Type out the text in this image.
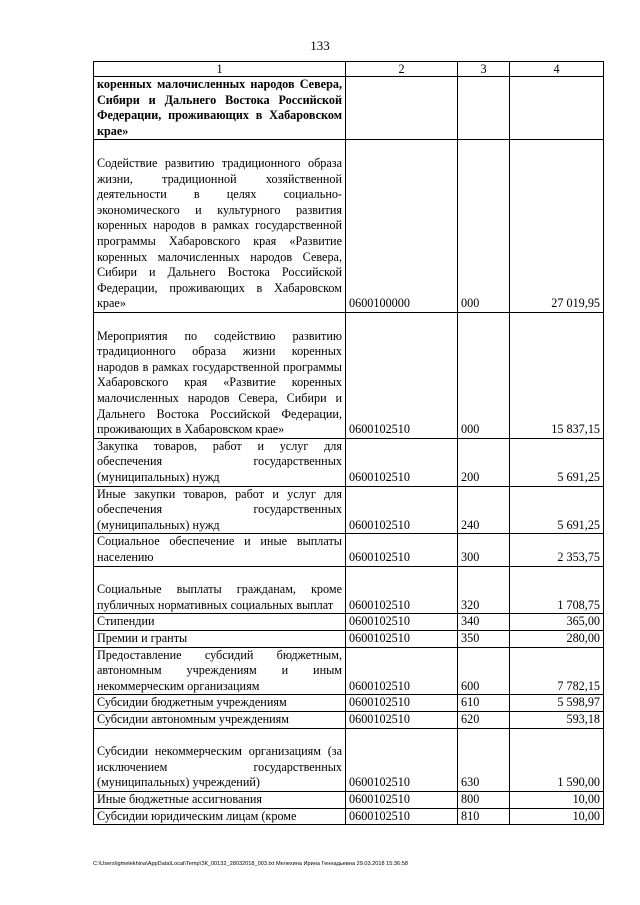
133
1	2	3	4
коренных малочисленных народов Севера, Сибири и Дальнего Востока Российской Федерации, проживающих в Хабаровском крае»			
Содействие развитию традиционного образа жизни, традиционной хозяйственной деятельности в целях социально-экономического и культурного развития коренных народов в рамках государственной программы Хабаровского края «Развитие коренных малочисленных народов Севера, Сибири и Дальнего Востока Российской Федерации, проживающих в Хабаровском крае»	0600100000	000	27 019,95
Мероприятия по содействию развитию традиционного образа жизни коренных народов в рамках государственной программы Хабаровского края «Развитие коренных малочисленных народов Севера, Сибири и Дальнего Востока Российской Федерации, проживающих в Хабаровском крае»	0600102510	000	15 837,15
Закупка товаров, работ и услуг для обеспечения государственных (муниципальных) нужд	0600102510	200	5 691,25
Иные закупки товаров, работ и услуг для обеспечения государственных (муниципальных) нужд	0600102510	240	5 691,25
Социальное обеспечение и иные выплаты населению	0600102510	300	2 353,75
Социальные выплаты гражданам, кроме публичных нормативных социальных выплат	0600102510	320	1 708,75
Стипендии	0600102510	340	365,00
Премии и гранты	0600102510	350	280,00
Предоставление субсидий бюджетным, автономным учреждениям и иным некоммерческим организациям	0600102510	600	7 782,15
Субсидии бюджетным учреждениям	0600102510	610	5 598,97
Субсидии автономным учреждениям	0600102510	620	593,18
Субсидии некоммерческим организациям (за исключением государственных (муниципальных) учреждений)	0600102510	630	1 590,00
Иные бюджетные ассигнования	0600102510	800	10,00
Субсидии юридическим лицам (кроме	0600102510	810	10,00
C:\Users\igmelekhina\AppData\Local\Temp\ЗК_00132_28032018_003.txt Мелехина Ирина Геннадьевна 29.03.2018 15:36:58
